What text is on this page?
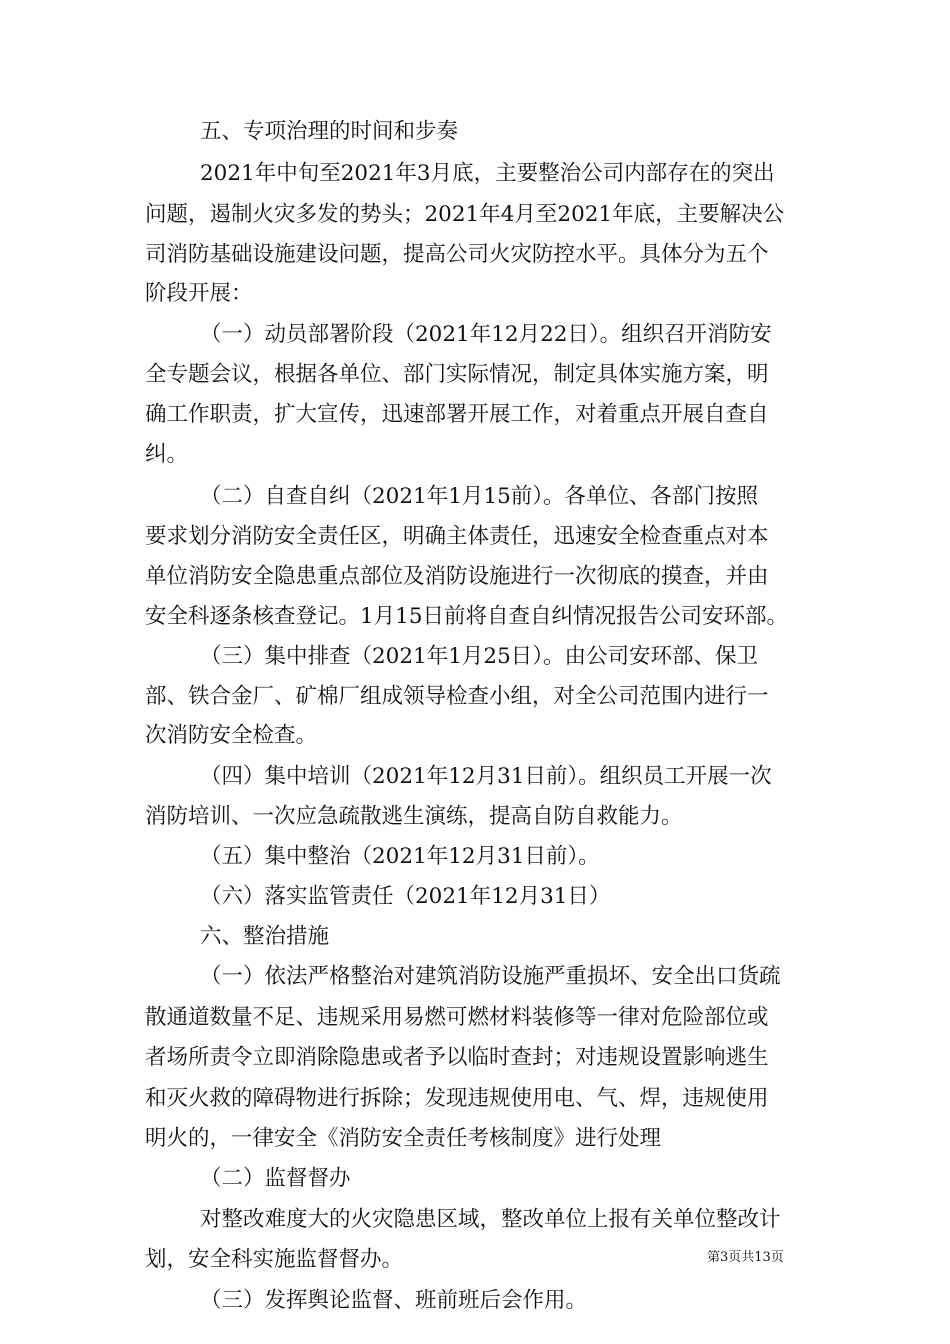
五、专项治理的时间和步奏
2021年中旬至2021年3月底，主要整治公司内部存在的突出
问题，遏制火灾多发的势头；2021年4月至2021年底，主要解决公
司消防基础设施建设问题，提高公司火灾防控水平。具体分为五个
阶段开展：
（一）动员部署阶段（2021年12月22日）。组织召开消防安
全专题会议，根据各单位、部门实际情况，制定具体实施方案，明
确工作职责，扩大宣传，迅速部署开展工作，对着重点开展自查自
纠。
（二）自查自纠（2021年1月15前）。各单位、各部门按照
要求划分消防安全责任区，明确主体责任，迅速安全检查重点对本
单位消防安全隐患重点部位及消防设施进行一次彻底的摸查，并由
安全科逐条核查登记。1月15日前将自查自纠情况报告公司安环部。
（三）集中排查（2021年1月25日）。由公司安环部、保卫
部、铁合金厂、矿棉厂组成领导检查小组，对全公司范围内进行一
次消防安全检查。
（四）集中培训（2021年12月31日前）。组织员工开展一次
消防培训、一次应急疏散逃生演练，提高自防自救能力。
（五）集中整治（2021年12月31日前）。
（六）落实监管责任（2021年12月31日）
六、整治措施
（一）依法严格整治对建筑消防设施严重损坏、安全出口货疏
散通道数量不足、违规采用易燃可燃材料装修等一律对危险部位或
者场所责令立即消除隐患或者予以临时查封；对违规设置影响逃生
和灭火救的障碍物进行拆除；发现违规使用电、气、焊，违规使用
明火的，一律安全《消防安全责任考核制度》进行处理
（二）监督督办
对整改难度大的火灾隐患区域，整改单位上报有关单位整改计
划，安全科实施监督督办。
（三）发挥舆论监督、班前班后会作用。
第3页共13页
